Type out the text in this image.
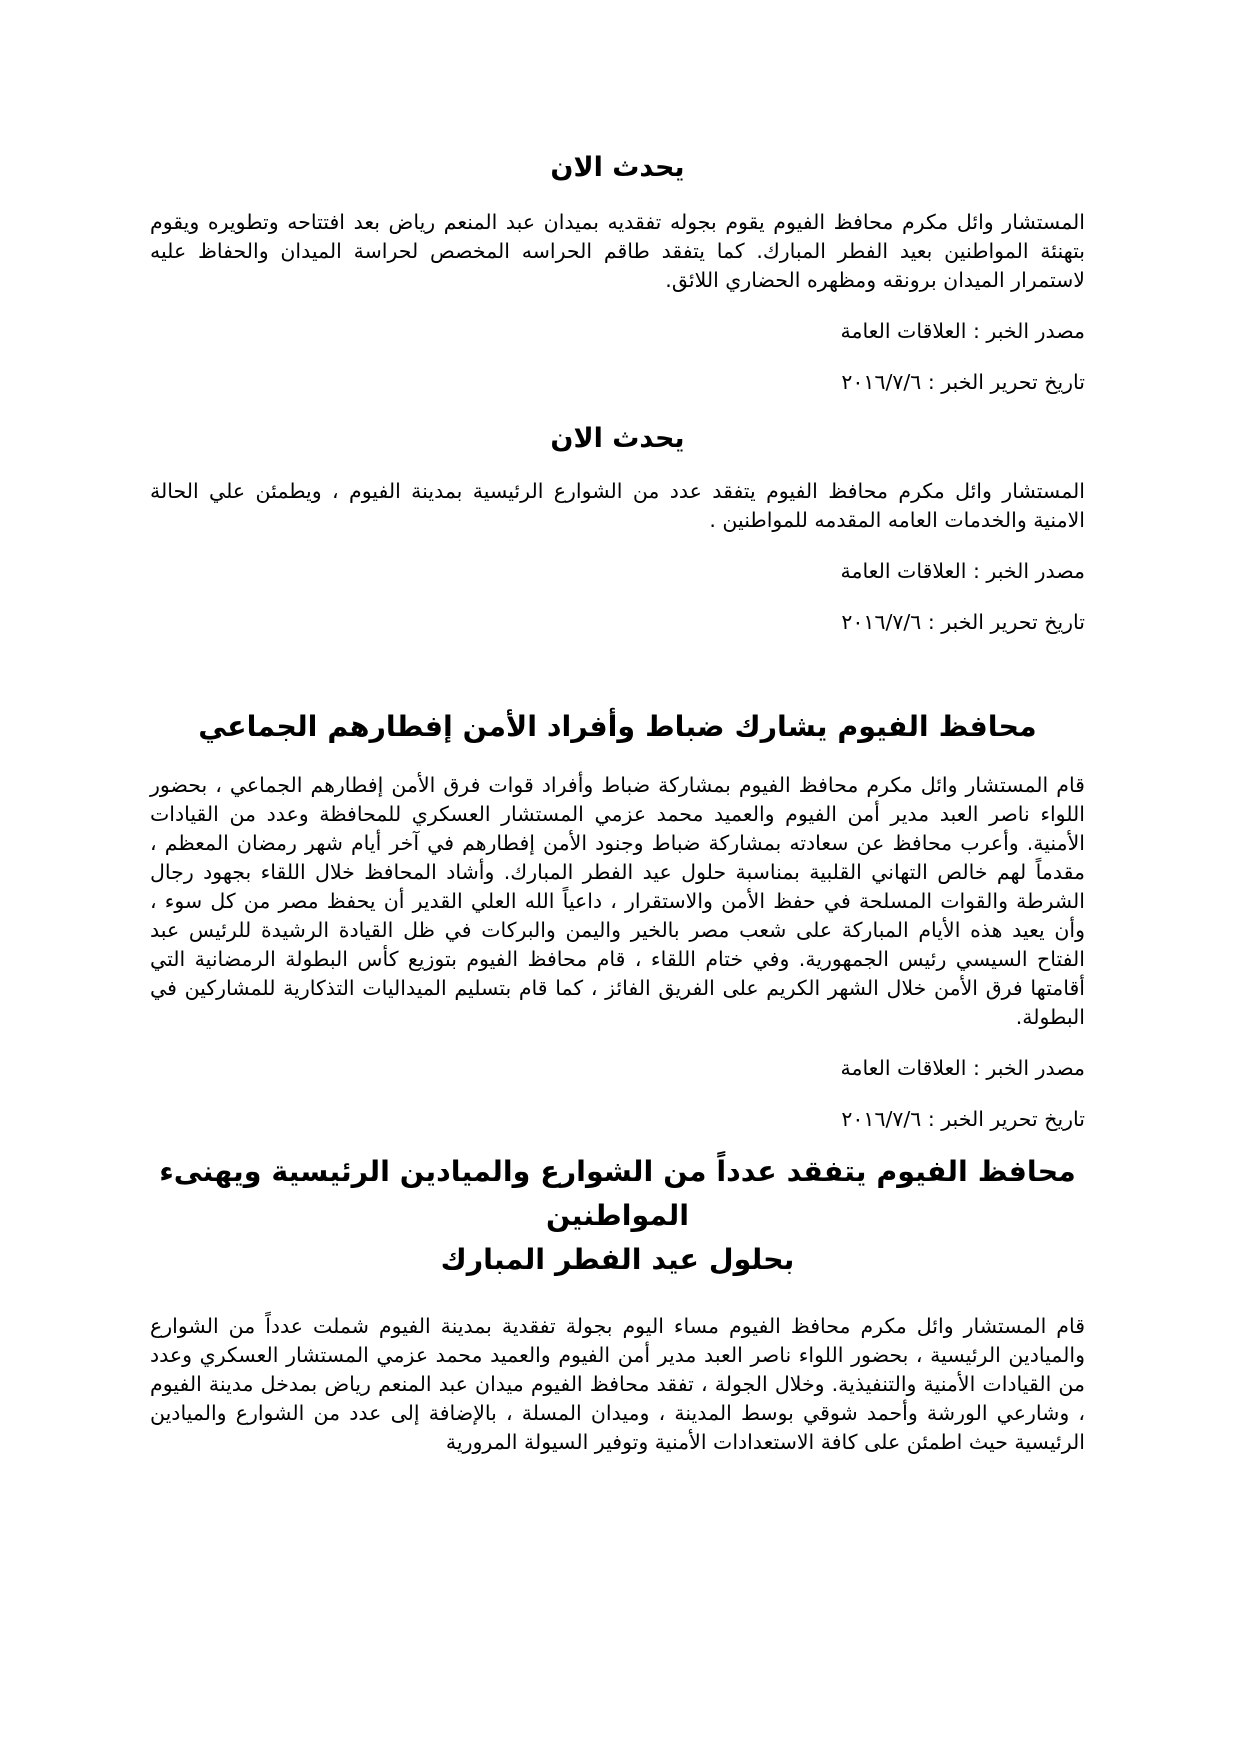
يحدث الان

المستشار وائل مكرم محافظ الفيوم يقوم بجوله تفقديه بميدان عبد المنعم رياض بعد افتتاحه وتطويره ويقوم بتهنئة المواطنين بعيد الفطر المبارك. كما يتفقد طاقم الحراسه المخصص لحراسة الميدان والحفاظ عليه لاستمرار الميدان برونقه ومظهره الحضاري اللائق.

مصدر الخبر : العلاقات العامة

تاريخ تحرير الخبر : ٢٠١٦/٧/٦

يحدث الان

المستشار وائل مكرم محافظ الفيوم يتفقد عدد من الشوارع الرئيسية بمدينة الفيوم ، ويطمئن علي الحالة الامنية والخدمات العامه المقدمه للمواطنين .

مصدر الخبر : العلاقات العامة

تاريخ تحرير الخبر : ٢٠١٦/٧/٦

محافظ الفيوم يشارك ضباط وأفراد الأمن إفطارهم الجماعي

قام المستشار وائل مكرم محافظ الفيوم بمشاركة ضباط وأفراد قوات فرق الأمن إفطارهم الجماعي ، بحضور اللواء ناصر العبد مدير أمن الفيوم والعميد محمد عزمي المستشار العسكري للمحافظة وعدد من القيادات الأمنية. وأعرب محافظ عن سعادته بمشاركة ضباط وجنود الأمن إفطارهم في آخر أيام شهر رمضان المعظم ، مقدماً لهم خالص التهاني القلبية بمناسبة حلول عيد الفطر المبارك. وأشاد المحافظ خلال اللقاء بجهود رجال الشرطة والقوات المسلحة في حفظ الأمن والاستقرار ، داعياً الله العلي القدير أن يحفظ مصر من كل سوء ، وأن يعيد هذه الأيام المباركة على شعب مصر بالخير واليمن والبركات في ظل القيادة الرشيدة للرئيس عبد الفتاح السيسي رئيس الجمهورية. وفي ختام اللقاء ، قام محافظ الفيوم بتوزيع كأس البطولة الرمضانية التي أقامتها فرق الأمن خلال الشهر الكريم على الفريق الفائز ، كما قام بتسليم الميداليات التذكارية للمشاركين في البطولة.

مصدر الخبر : العلاقات العامة

تاريخ تحرير الخبر : ٢٠١٦/٧/٦

محافظ الفيوم يتفقد عدداً من الشوارع والميادين الرئيسية ويهنىء المواطنين
بحلول عيد الفطر المبارك

قام المستشار وائل مكرم محافظ الفيوم مساء اليوم بجولة تفقدية بمدينة الفيوم شملت عدداً من الشوارع والميادين الرئيسية ، بحضور اللواء ناصر العبد مدير أمن الفيوم والعميد محمد عزمي المستشار العسكري وعدد من القيادات الأمنية والتنفيذية. وخلال الجولة ، تفقد محافظ الفيوم ميدان عبد المنعم رياض بمدخل مدينة الفيوم ، وشارعي الورشة وأحمد شوقي بوسط المدينة ، وميدان المسلة ، بالإضافة إلى عدد من الشوارع والميادين الرئيسية حيث اطمئن على كافة الاستعدادات الأمنية وتوفير السيولة المرورية
